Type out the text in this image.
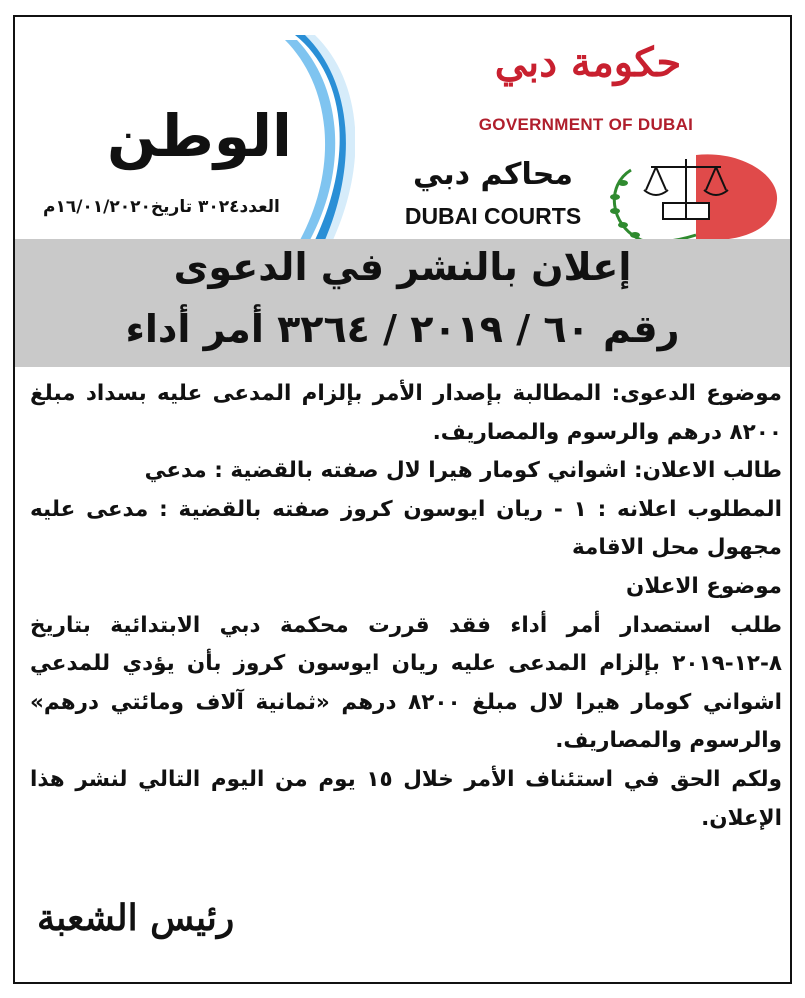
الوطن
العدد٣٠٢٤ تاريخ١٦/٠١/٢٠٢٠م
حكومة دبي
GOVERNMENT OF DUBAI
محاكم دبي
DUBAI COURTS
إعلان بالنشر في الدعوى
رقم ٦٠ / ٢٠١٩ / ٣٢٦٤ أمر أداء

موضوع الدعوى: المطالبة بإصدار الأمر بإلزام المدعى عليه بسداد مبلغ ٨٢٠٠ درهم والرسوم والمصاريف.

طالب الاعلان: اشواني كومار هيرا لال صفته بالقضية : مدعي

المطلوب اعلانه : ١ - ريان ايوسون كروز صفته بالقضية : مدعى عليه مجهول محل الاقامة

موضوع الاعلان

طلب استصدار أمر أداء فقد قررت محكمة دبي الابتدائية بتاريخ ٨-١٢-٢٠١٩ بإلزام المدعى عليه ريان ايوسون كروز بأن يؤدي للمدعي اشواني كومار هيرا لال مبلغ ٨٢٠٠ درهم «ثمانية آلاف ومائتي درهم» والرسوم والمصاريف.

ولكم الحق في استئناف الأمر خلال ١٥ يوم من اليوم التالي لنشر هذا الإعلان.

رئيس الشعبة
